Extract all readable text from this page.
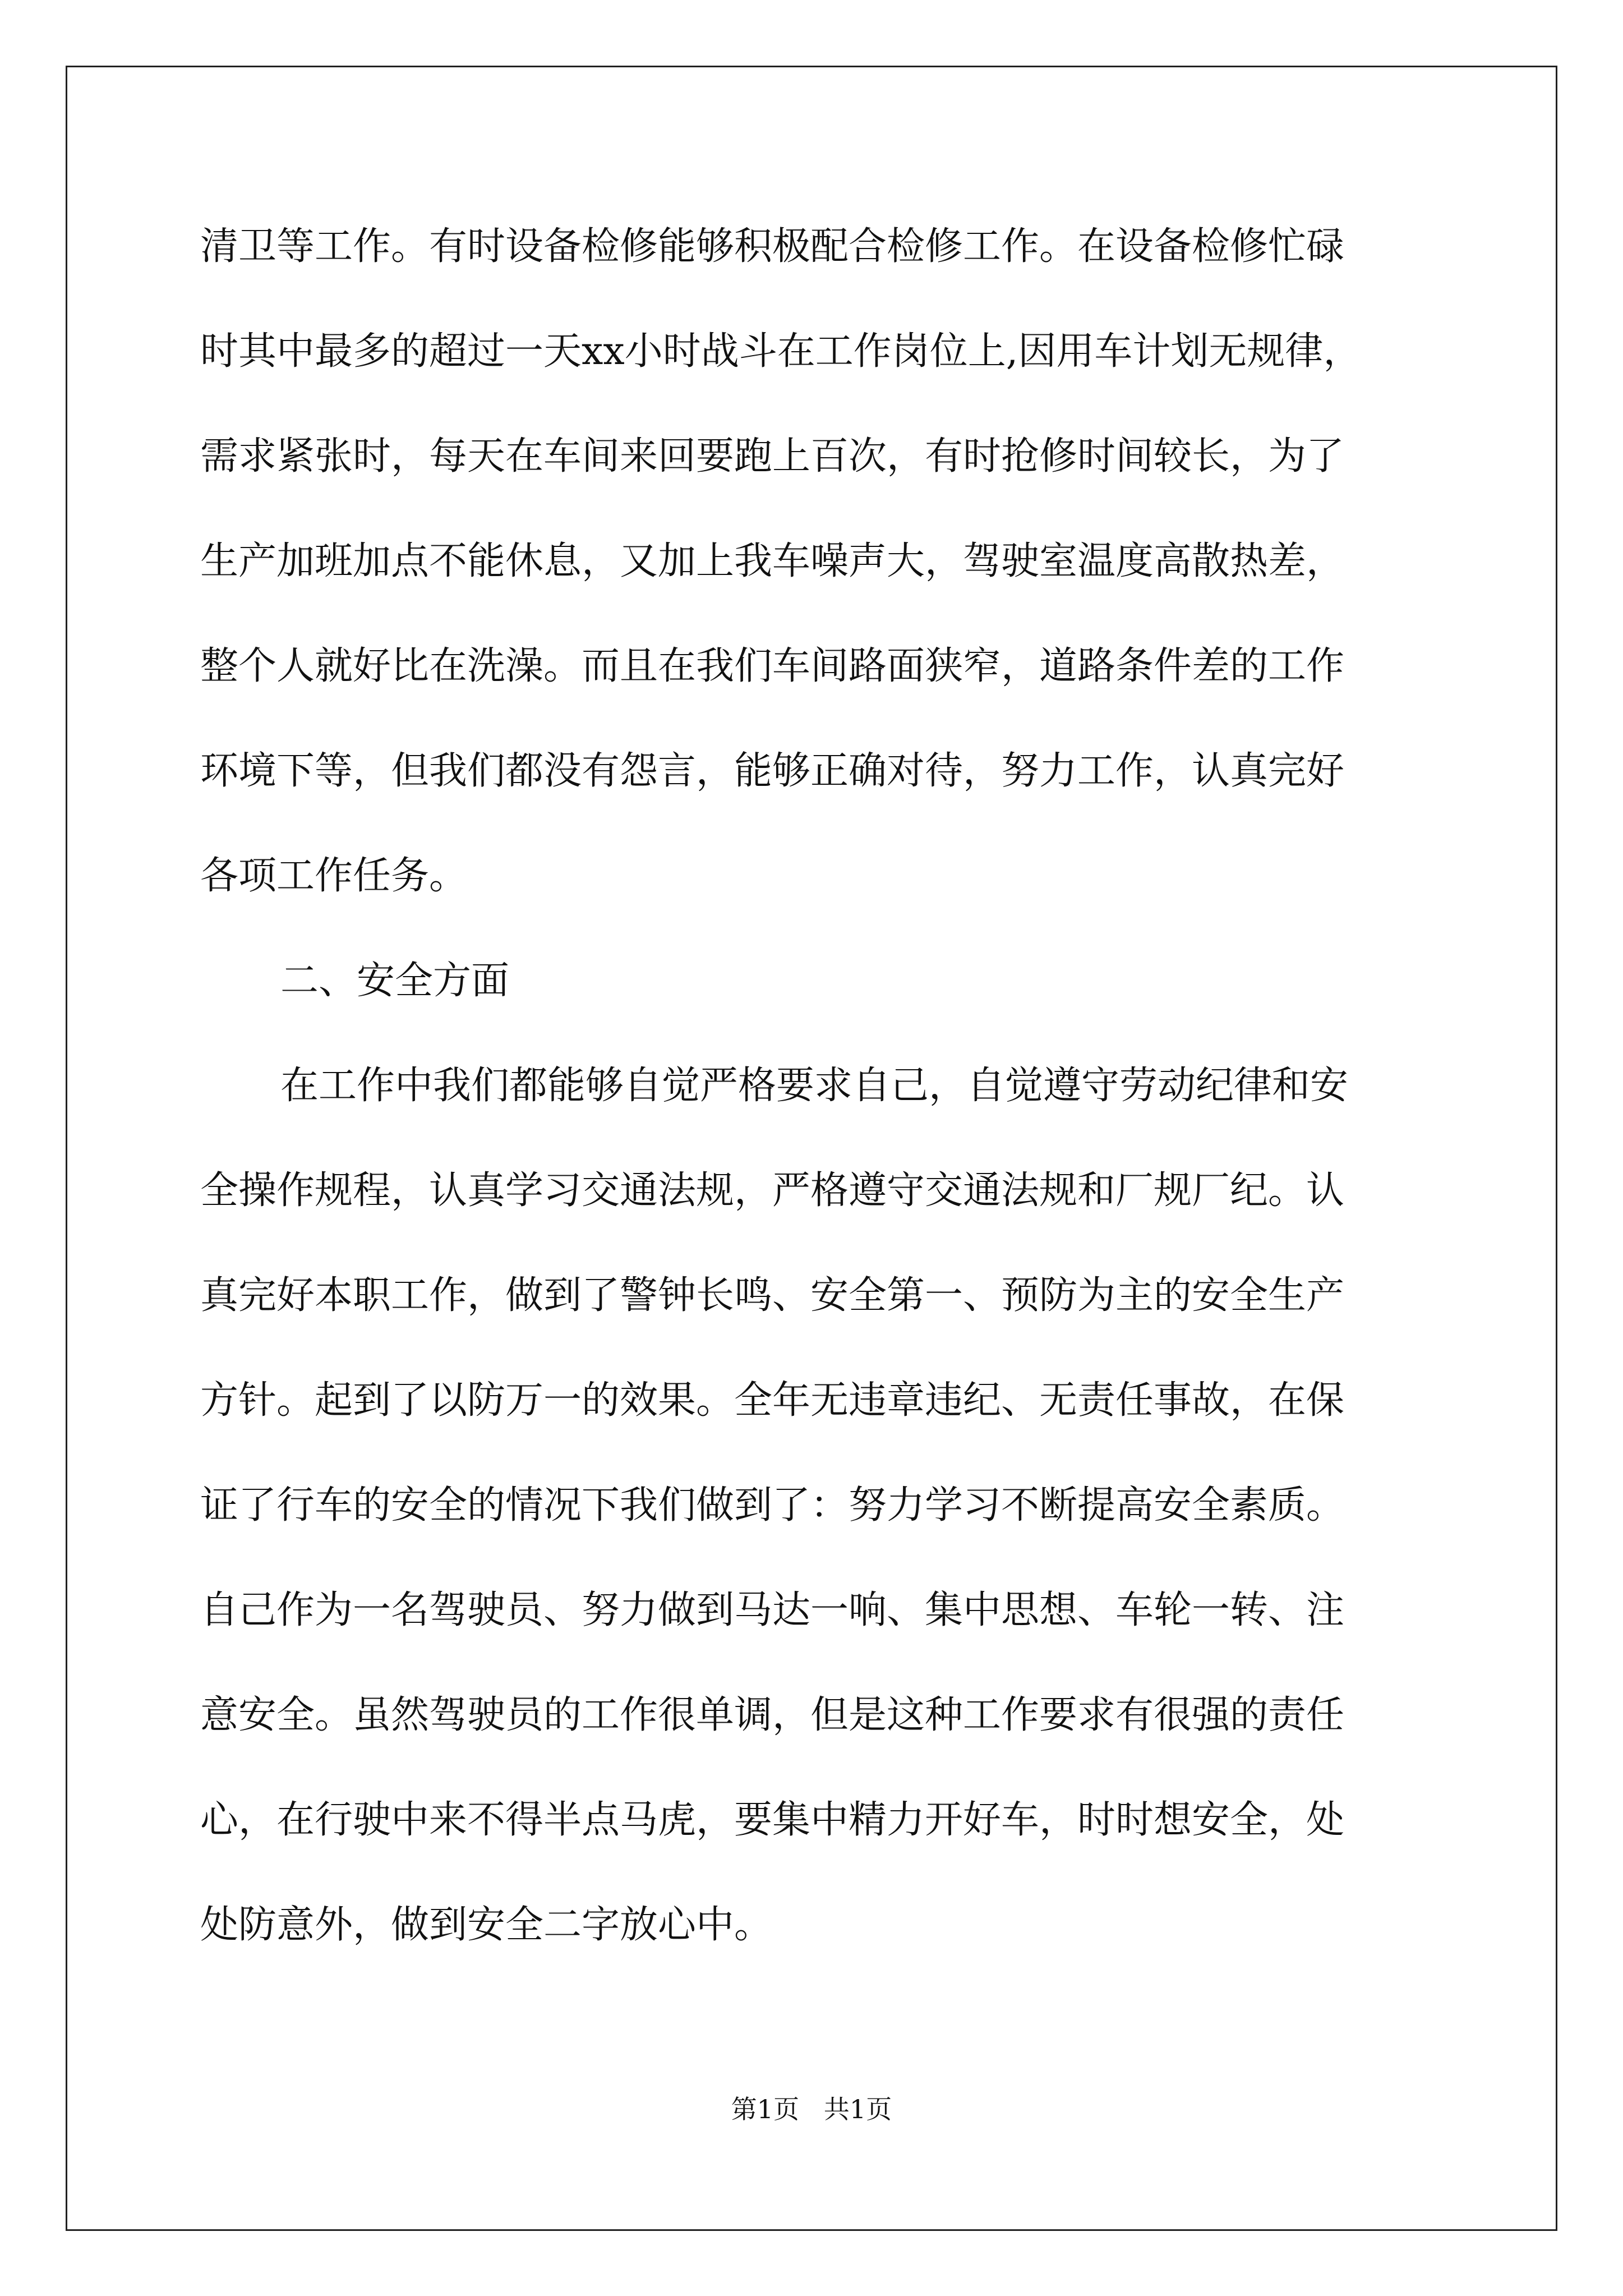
清卫等工作。有时设备检修能够积极配合检修工作。在设备检修忙碌
时其中最多的超过一天xx小时战斗在工作岗位上,因用车计划无规律，
需求紧张时，每天在车间来回要跑上百次，有时抢修时间较长，为了
生产加班加点不能休息，又加上我车噪声大，驾驶室温度高散热差，
整个人就好比在洗澡。而且在我们车间路面狭窄，道路条件差的工作
环境下等，但我们都没有怨言，能够正确对待，努力工作，认真完好
各项工作任务。
二、安全方面
在工作中我们都能够自觉严格要求自己，自觉遵守劳动纪律和安
全操作规程，认真学习交通法规，严格遵守交通法规和厂规厂纪。认
真完好本职工作，做到了警钟长鸣、安全第一、预防为主的安全生产
方针。起到了以防万一的效果。全年无违章违纪、无责任事故，在保
证了行车的安全的情况下我们做到了：努力学习不断提高安全素质。
自己作为一名驾驶员、努力做到马达一响、集中思想、车轮一转、注
意安全。虽然驾驶员的工作很单调，但是这种工作要求有很强的责任
心，在行驶中来不得半点马虎，要集中精力开好车，时时想安全，处
处防意外，做到安全二字放心中。
第1页   共1页
